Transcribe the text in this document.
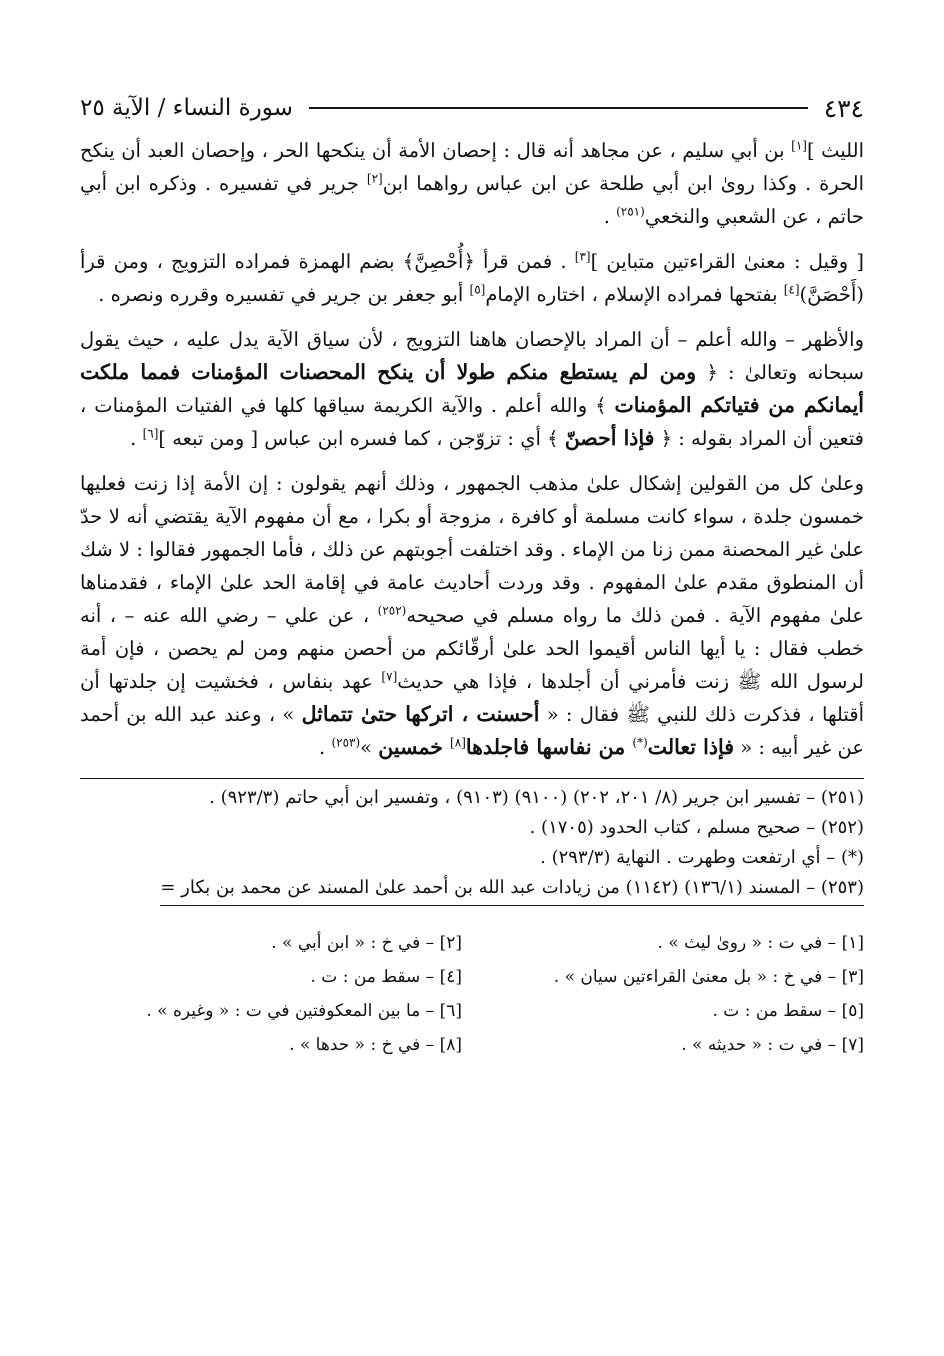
٤٣٤
سورة النساء / الآية ٢٥

الليث ][١] بن أبي سليم ، عن مجاهد أنه قال : إحصان الأمة أن ينكحها الحر ، وإحصان العبد أن ينكح الحرة . وكذا روىٰ ابن أبي طلحة عن ابن عباس رواهما ابن[٢] جرير في تفسيره . وذكره ابن أبي حاتم ، عن الشعبي والنخعي$^{(٢٥١)}$ .

[ وقيل : معنىٰ القراءتين متباين ][٣] . فمن قرأ ﴿أُحْصِنَّ﴾ بضم الهمزة فمراده التزويج ، ومن قرأ (أَحْصَنَّ)[٤] بفتحها فمراده الإسلام ، اختاره الإمام[٥] أبو جعفر بن جرير في تفسيره وقرره ونصره .

والأظهر – والله أعلم – أن المراد بالإحصان هاهنا التزويج ، لأن سياق الآية يدل عليه ، حيث يقول سبحانه وتعالىٰ : ﴿ ومن لم يستطع منكم طولا أن ينكح المحصنات المؤمنات فمما ملكت أيمانكم من فتياتكم المؤمنات ﴾ والله أعلم . والآية الكريمة سياقها كلها في الفتيات المؤمنات ، فتعين أن المراد بقوله : ﴿ فإذا أحصنّ ﴾ أي : تزوّجن ، كما فسره ابن عباس [ ومن تبعه ][٦] .

وعلىٰ كل من القولين إشكال علىٰ مذهب الجمهور ، وذلك أنهم يقولون : إن الأمة إذا زنت فعليها خمسون جلدة ، سواء كانت مسلمة أو كافرة ، مزوجة أو بكرا ، مع أن مفهوم الآية يقتضي أنه لا حدّ علىٰ غير المحصنة ممن زنا من الإماء . وقد اختلفت أجوبتهم عن ذلك ، فأما الجمهور فقالوا : لا شك أن المنطوق مقدم علىٰ المفهوم . وقد وردت أحاديث عامة في إقامة الحد علىٰ الإماء ، فقدمناها علىٰ مفهوم الآية . فمن ذلك ما رواه مسلم في صحيحه$^{(٢٥٢)}$ ، عن علي – رضي الله عنه – ، أنه خطب فقال : يا أيها الناس أقيموا الحد علىٰ أرقّائكم من أحصن منهم ومن لم يحصن ، فإن أمة لرسول الله ﷺ زنت فأمرني أن أجلدها ، فإذا هي حديث[٧] عهد بنفاس ، فخشيت إن جلدتها أن أقتلها ، فذكرت ذلك للنبي ﷺ فقال : « أحسنت ، اتركها حتىٰ تتماثل » ، وعند عبد الله بن أحمد عن غير أبيه : « فإذا تعالت(*) من نفاسها فاجلدها[٨] خمسين »$^{(٢٥٣)}$ .

(٢٥١) – تفسير ابن جرير (٨/ ٢٠١، ٢٠٢) (٩١٠٠) (٩١٠٣) ، وتفسير ابن أبي حاتم (٩٢٣/٣) .

(٢٥٢) – صحيح مسلم ، كتاب الحدود (١٧٠٥) .

(*) – أي ارتفعت وطهرت . النهاية (٢٩٣/٣) .

(٢٥٣) – المسند (١٣٦/١) (١١٤٢) من زيادات عبد الله بن أحمد علىٰ المسند عن محمد بن بكار =

[١] – في ت : « روىٰ ليث » .
[٢] – في خ : « ابن أبي » .
[٣] – في خ : « بل معنىٰ القراءتين سيان » .
[٤] – سقط من : ت .
[٥] – سقط من : ت .
[٦] – ما بين المعكوفتين في ت : « وغيره » .
[٧] – في ت : « حديثه » .
[٨] – في خ : « حدها » .
